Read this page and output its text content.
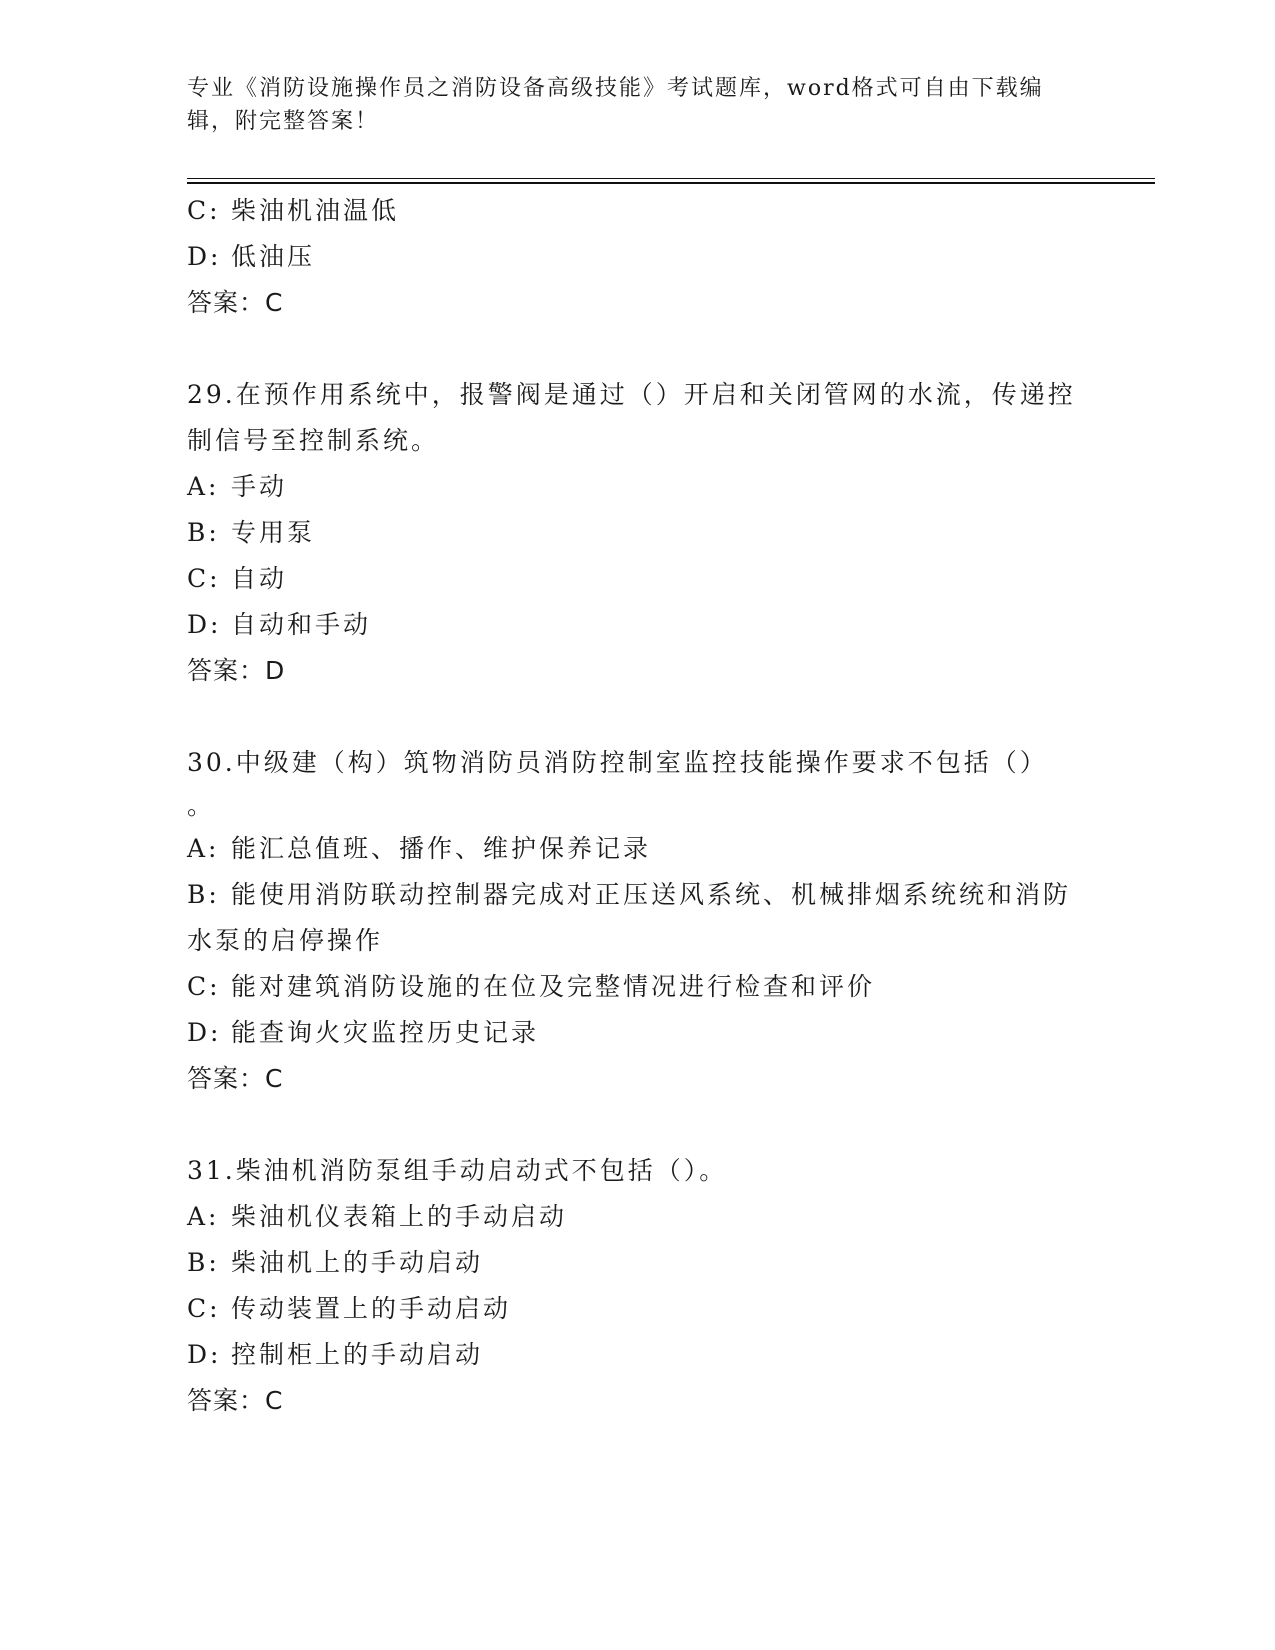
专业《消防设施操作员之消防设备高级技能》考试题库，word格式可自由下载编辑，附完整答案！
C: 柴油机油温低
D: 低油压
答案：C
29.在预作用系统中，报警阀是通过（）开启和关闭管网的水流，传递控制信号至控制系统。
A: 手动
B: 专用泵
C: 自动
D: 自动和手动
答案：D
30.中级建（构）筑物消防员消防控制室监控技能操作要求不包括（）
。
A: 能汇总值班、播作、维护保养记录
B: 能使用消防联动控制器完成对正压送风系统、机械排烟系统统和消防水泵的启停操作
C: 能对建筑消防设施的在位及完整情况进行检查和评价
D: 能查询火灾监控历史记录
答案：C
31.柴油机消防泵组手动启动式不包括（）。
A: 柴油机仪表箱上的手动启动
B: 柴油机上的手动启动
C: 传动装置上的手动启动
D: 控制柜上的手动启动
答案：C
